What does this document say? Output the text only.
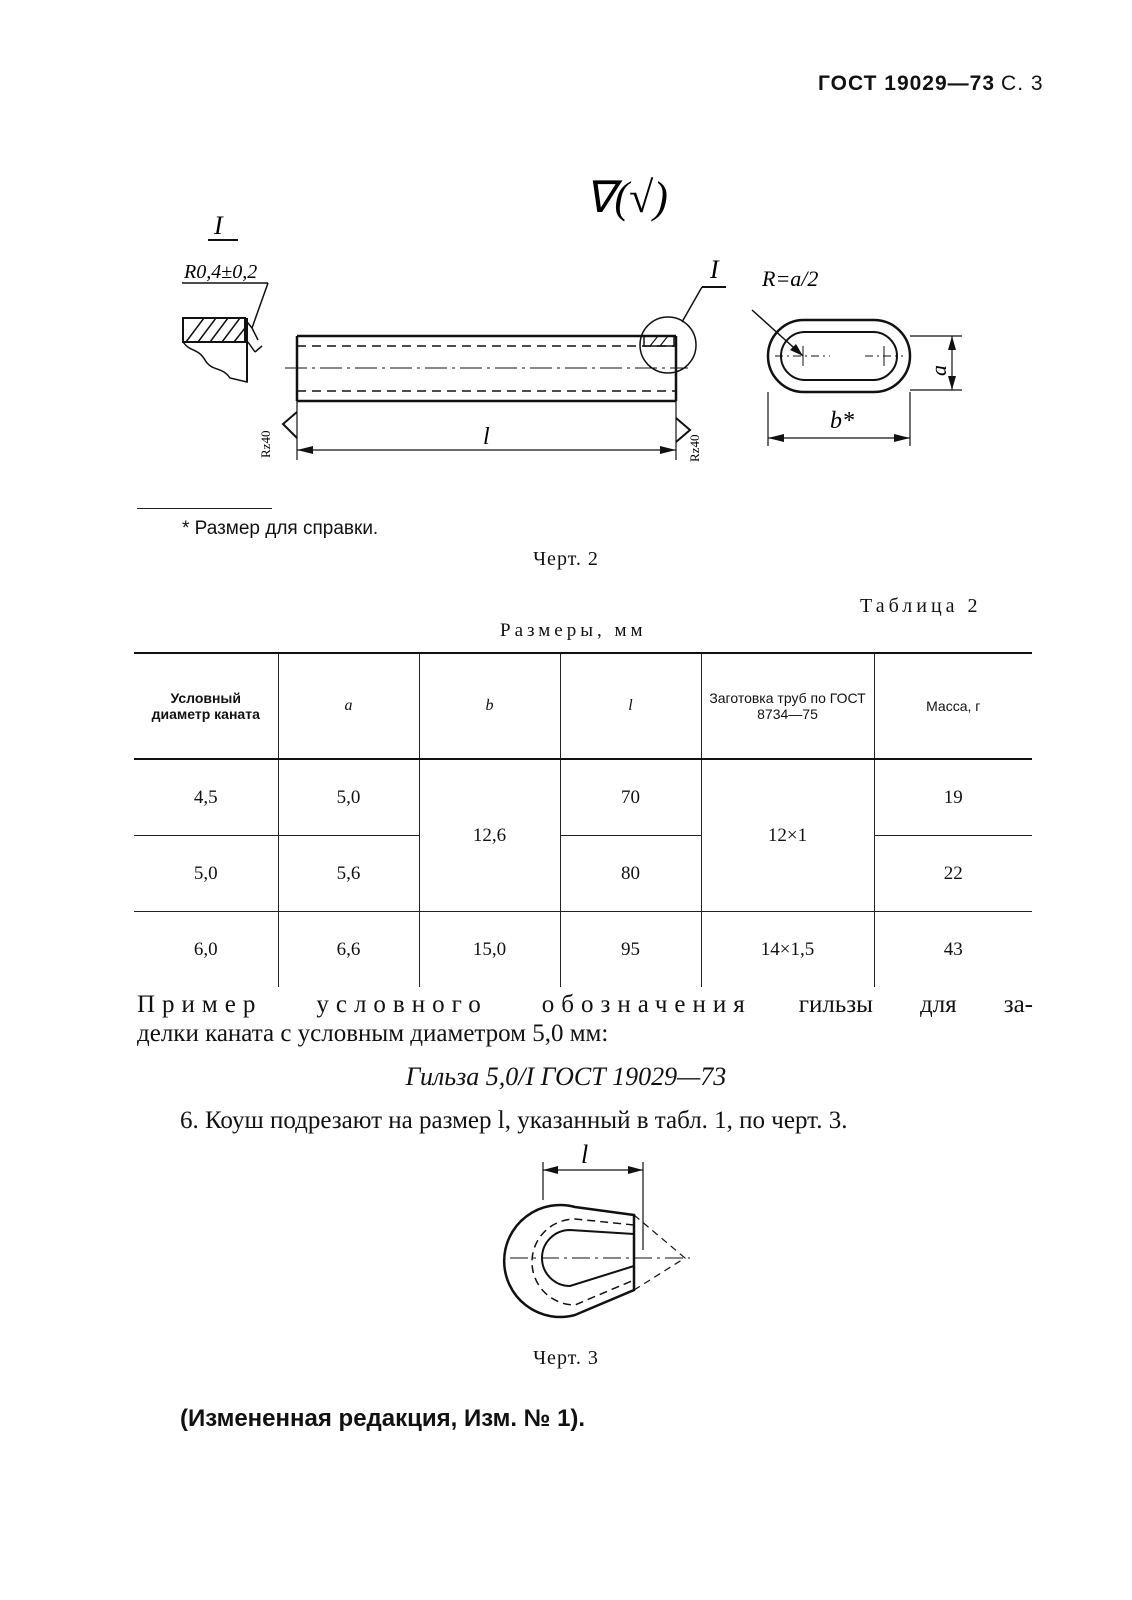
ГОСТ 19029—73 С. 3
∇(√)
I
R0,4±0,2	I
Rz40	Rz40
l
R=a/2
a
b*
* Размер для справки.
Черт. 2
Таблица 2
Размеры, мм
Условный диаметр каната	a	b	l	Заготовка труб по ГОСТ 8734—75	Масса, г
4,5	5,0	12,6	70	12×1	19
5,0	5,6		80		22
6,0	6,6	15,0	95	14×1,5	43
Пример условного обозначения гильзы для за-
делки каната с условным диаметром 5,0 мм:
Гильза 5,0/I ГОСТ 19029—73
6. Коуш подрезают на размер l, указанный в табл. 1, по черт. 3.
l
Черт. 3
(Измененная редакция, Изм. № 1).
